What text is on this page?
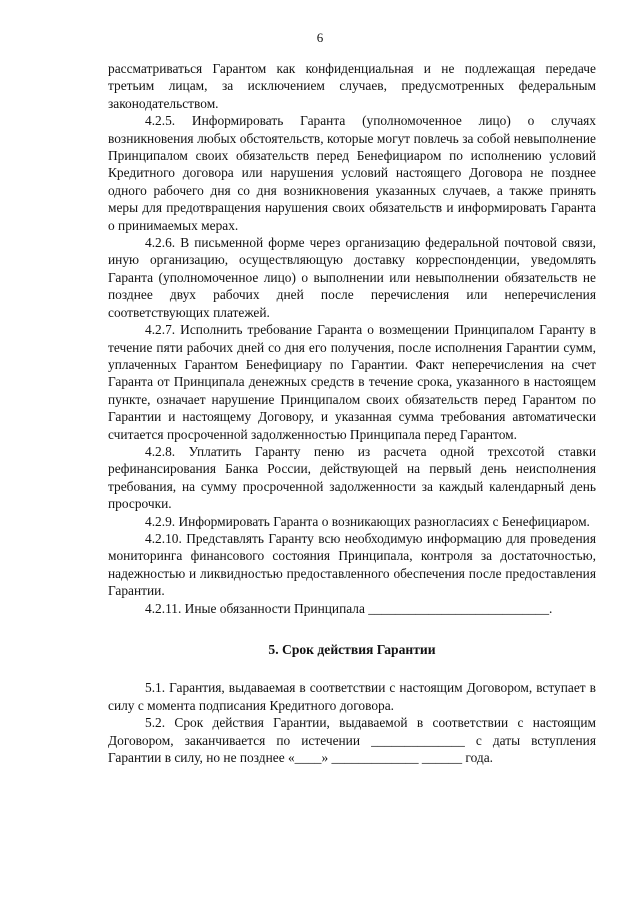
6

рассматриваться Гарантом как конфиденциальная и не подлежащая передаче третьим лицам, за исключением случаев, предусмотренных федеральным законодательством.

4.2.5. Информировать Гаранта (уполномоченное лицо) о случаях возникновения любых обстоятельств, которые могут повлечь за собой невыполнение Принципалом своих обязательств перед Бенефициаром по исполнению условий Кредитного договора или нарушения условий настоящего Договора не позднее одного рабочего дня со дня возникновения указанных случаев, а также принять меры для предотвращения нарушения своих обязательств и информировать Гаранта о принимаемых мерах.

4.2.6. В письменной форме через организацию федеральной почтовой связи, иную организацию, осуществляющую доставку корреспонденции, уведомлять Гаранта (уполномоченное лицо) о выполнении или невыполнении обязательств не позднее двух рабочих дней после перечисления или неперечисления соответствующих платежей.

4.2.7. Исполнить требование Гаранта о возмещении Принципалом Гаранту в течение пяти рабочих дней со дня его получения, после исполнения Гарантии сумм, уплаченных Гарантом Бенефициару по Гарантии. Факт неперечисления на счет Гаранта от Принципала денежных средств в течение срока, указанного в настоящем пункте, означает нарушение Принципалом своих обязательств перед Гарантом по Гарантии и настоящему Договору, и указанная сумма требования автоматически считается просроченной задолженностью Принципала перед Гарантом.

4.2.8. Уплатить Гаранту пеню из расчета одной трехсотой ставки рефинансирования Банка России, действующей на первый день неисполнения требования, на сумму просроченной задолженности за каждый календарный день просрочки.

4.2.9. Информировать Гаранта о возникающих разногласиях с Бенефициаром.

4.2.10. Представлять Гаранту всю необходимую информацию для проведения мониторинга финансового состояния Принципала, контроля за достаточностью, надежностью и ликвидностью предоставленного обеспечения после предоставления Гарантии.

4.2.11. Иные обязанности Принципала ___________________________.

5. Срок действия Гарантии

5.1. Гарантия, выдаваемая в соответствии с настоящим Договором, вступает в силу с момента подписания Кредитного договора.

5.2. Срок действия Гарантии, выдаваемой в соответствии с настоящим Договором, заканчивается по истечении ______________ с даты вступления Гарантии в силу, но не позднее «____» _____________ ______ года.
